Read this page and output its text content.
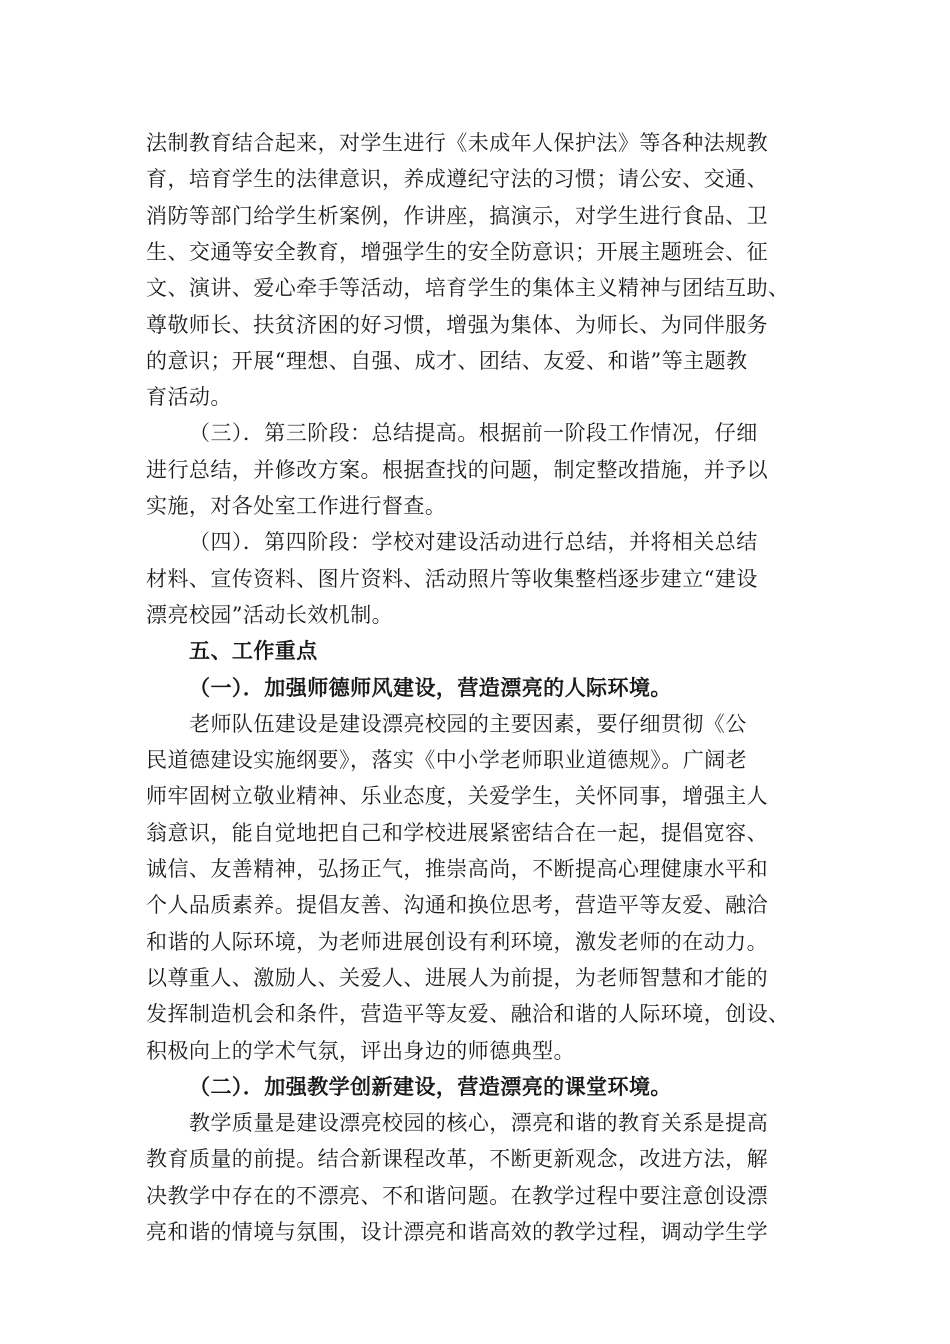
法制教育结合起来，对学生进行《未成年人保护法》等各种法规教
育，培育学生的法律意识，养成遵纪守法的习惯；请公安、交通、
消防等部门给学生析案例，作讲座，搞演示，对学生进行食品、卫
生、交通等安全教育，增强学生的安全防意识；开展主题班会、征
文、演讲、爱心牵手等活动，培育学生的集体主义精神与团结互助、
尊敬师长、扶贫济困的好习惯，增强为集体、为师长、为同伴服务
的意识；开展“理想、自强、成才、团结、友爱、和谐”等主题教
育活动。
（三）．第三阶段：总结提高。根据前一阶段工作情况，仔细
进行总结，并修改方案。根据查找的问题，制定整改措施，并予以
实施，对各处室工作进行督查。
（四）．第四阶段：学校对建设活动进行总结，并将相关总结
材料、宣传资料、图片资料、活动照片等收集整档逐步建立“建设
漂亮校园”活动长效机制。
五、工作重点
（一）．加强师德师风建设，营造漂亮的人际环境。
老师队伍建设是建设漂亮校园的主要因素，要仔细贯彻《公
民道德建设实施纲要》，落实《中小学老师职业道德规》。广阔老
师牢固树立敬业精神、乐业态度，关爱学生，关怀同事，增强主人
翁意识，能自觉地把自己和学校进展紧密结合在一起，提倡宽容、
诚信、友善精神，弘扬正气，推崇高尚，不断提高心理健康水平和
个人品质素养。提倡友善、沟通和换位思考，营造平等友爱、融洽
和谐的人际环境，为老师进展创设有利环境，激发老师的在动力。
以尊重人、激励人、关爱人、进展人为前提，为老师智慧和才能的
发挥制造机会和条件，营造平等友爱、融洽和谐的人际环境，创设、
积极向上的学术气氛，评出身边的师德典型。
（二）．加强教学创新建设，营造漂亮的课堂环境。
教学质量是建设漂亮校园的核心，漂亮和谐的教育关系是提高
教育质量的前提。结合新课程改革，不断更新观念，改进方法，解
决教学中存在的不漂亮、不和谐问题。在教学过程中要注意创设漂
亮和谐的情境与氛围，设计漂亮和谐高效的教学过程，调动学生学
